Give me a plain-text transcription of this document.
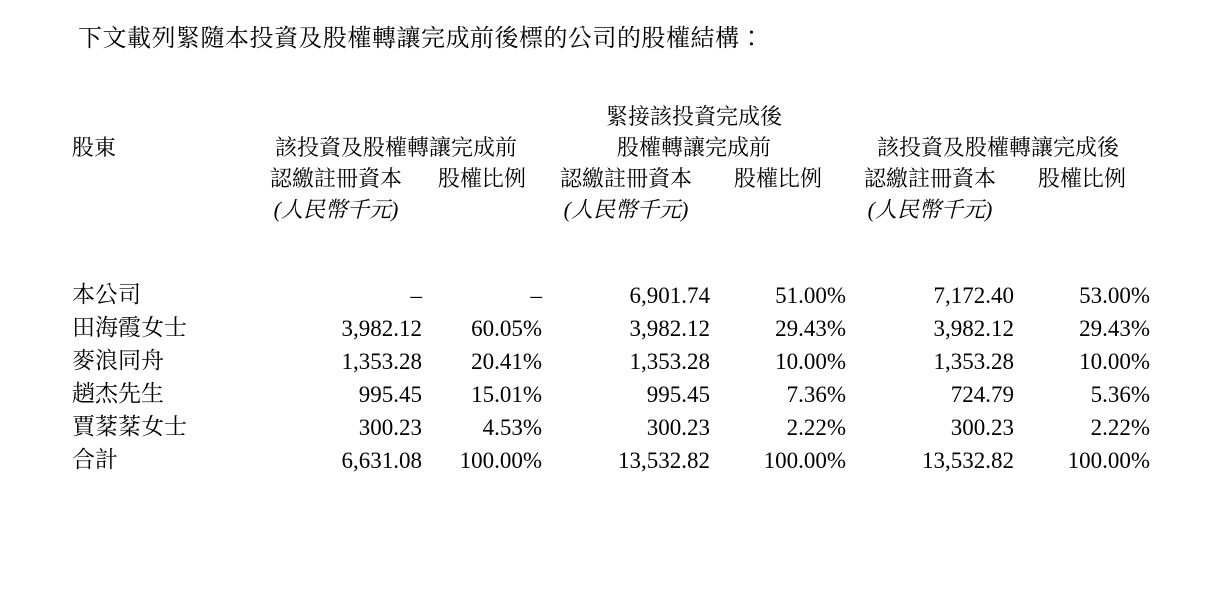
下文載列緊隨本投資及股權轉讓完成前後標的公司的股權結構：
			緊接該投資完成後			
股東	該投資及股權轉讓完成前		股權轉讓完成前		該投資及股權轉讓完成後	
	認繳註冊資本	股權比例	認繳註冊資本	股權比例	認繳註冊資本	股權比例
	(人民幣千元)		(人民幣千元)		(人民幣千元)	

本公司	–	–	6,901.74	51.00%	7,172.40	53.00%
田海霞女士	3,982.12	60.05%	3,982.12	29.43%	3,982.12	29.43%
麥浪同舟	1,353.28	20.41%	1,353.28	10.00%	1,353.28	10.00%
趙杰先生	995.45	15.01%	995.45	7.36%	724.79	5.36%
賈棻棻女士	300.23	4.53%	300.23	2.22%	300.23	2.22%
合計	6,631.08	100.00%	13,532.82	100.00%	13,532.82	100.00%
